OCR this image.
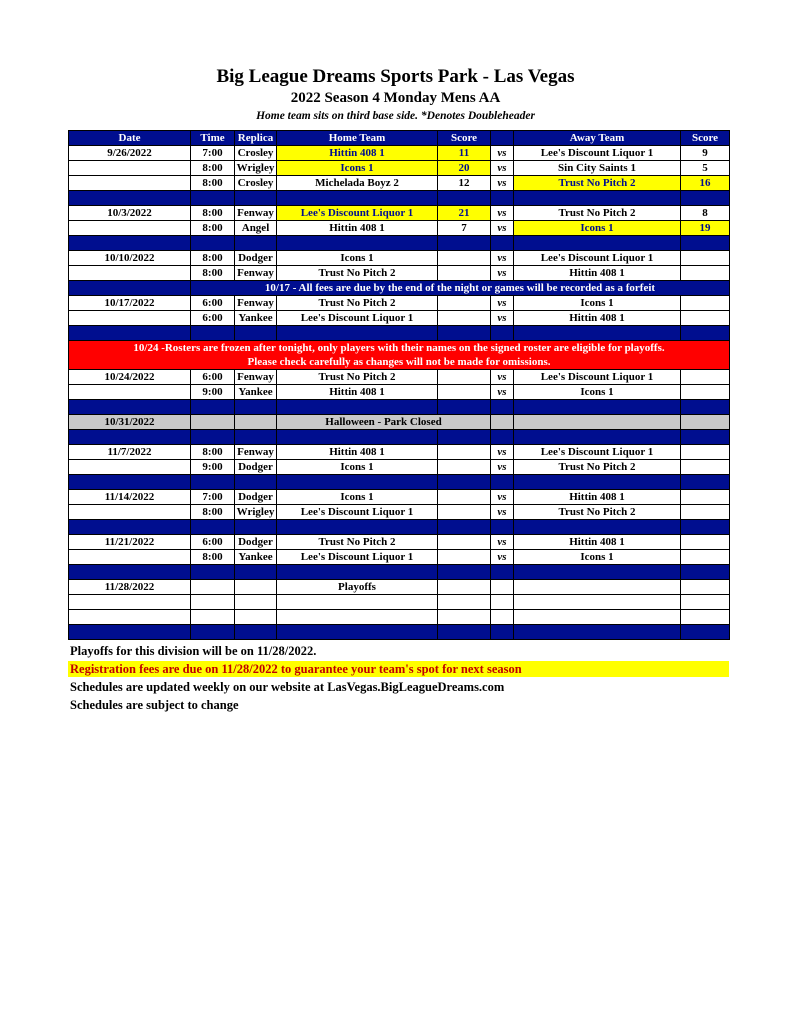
Big League Dreams Sports Park - Las Vegas
2022 Season 4 Monday Mens AA
Home team sits on third base side. *Denotes Doubleheader
Date	Time	Replica	Home Team	Score		Away Team	Score
9/26/2022	7:00	Crosley	Hittin 408 1	11	vs	Lee's Discount Liquor 1	9
	8:00	Wrigley	Icons 1	20	vs	Sin City Saints 1	5
	8:00	Crosley	Michelada Boyz 2	12	vs	Trust No Pitch 2	16

10/3/2022	8:00	Fenway	Lee's Discount Liquor 1	21	vs	Trust No Pitch 2	8
	8:00	Angel	Hittin 408 1	7	vs	Icons 1	19

10/10/2022	8:00	Dodger	Icons 1		vs	Lee's Discount Liquor 1	
	8:00	Fenway	Trust No Pitch 2		vs	Hittin 408 1	
	10/17 - All fees are due by the end of the night or games will be recorded as a forfeit						
10/17/2022	6:00	Fenway	Trust No Pitch 2		vs	Icons 1	
	6:00	Yankee	Lee's Discount Liquor 1		vs	Hittin 408 1	

10/24 -Rosters are frozen after tonight, only players with their names on the signed roster are eligible for playoffs.
Please check carefully as changes will not be made for omissions.							

10/24/2022	6:00	Fenway	Trust No Pitch 2		vs	Lee's Discount Liquor 1	
	9:00	Yankee	Hittin 408 1		vs	Icons 1	

10/31/2022			Halloween - Park Closed				

11/7/2022	8:00	Fenway	Hittin 408 1		vs	Lee's Discount Liquor 1	
	9:00	Dodger	Icons 1		vs	Trust No Pitch 2	

11/14/2022	7:00	Dodger	Icons 1		vs	Hittin 408 1	
	8:00	Wrigley	Lee's Discount Liquor 1		vs	Trust No Pitch 2	

11/21/2022	6:00	Dodger	Trust No Pitch 2		vs	Hittin 408 1	
	8:00	Yankee	Lee's Discount Liquor 1		vs	Icons 1	

11/28/2022			Playoffs				

Playoffs for this division will be on 11/28/2022.
Registration fees are due on 11/28/2022 to guarantee your team's spot for next season
Schedules are updated weekly on our website at LasVegas.BigLeagueDreams.com
Schedules are subject to change
